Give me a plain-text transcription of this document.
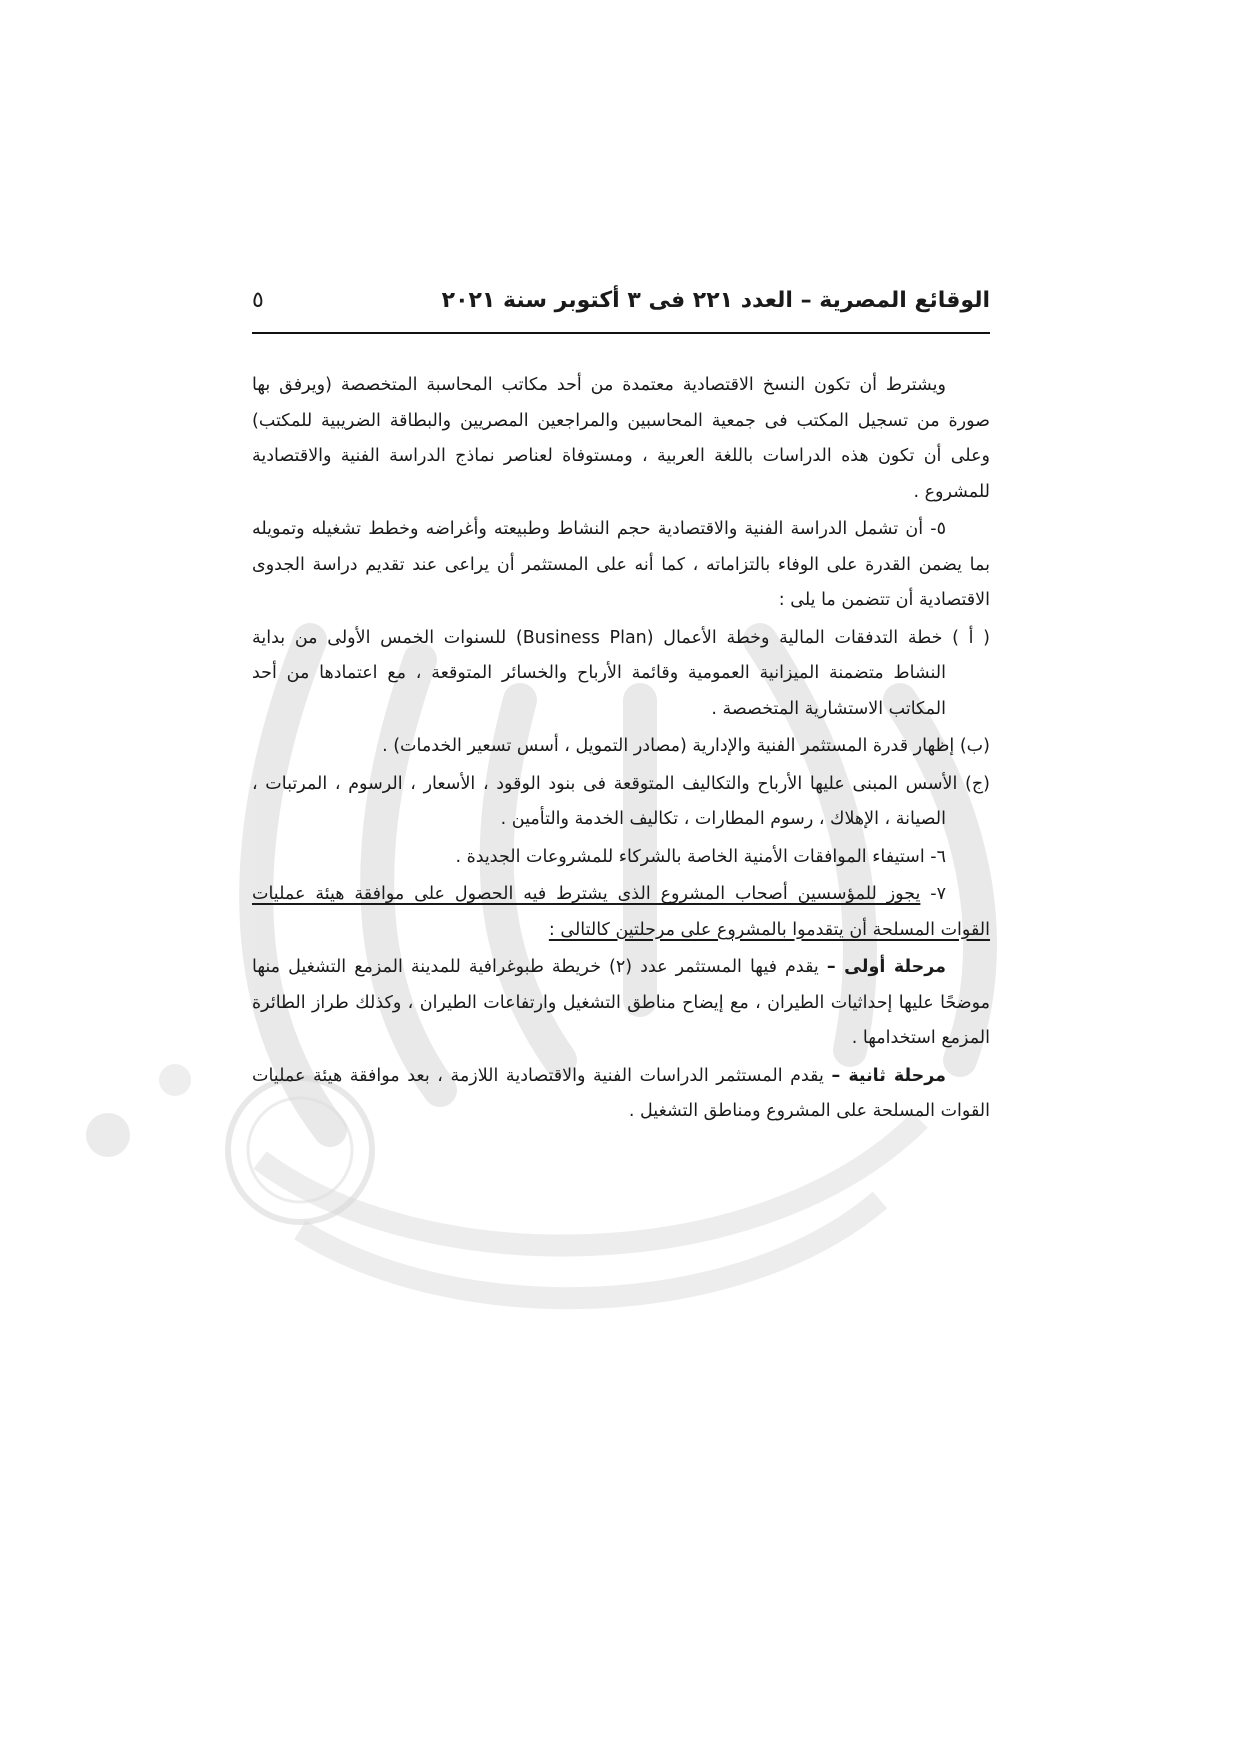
الوقائع المصرية – العدد ٢٢١ فى ٣ أكتوبر سنة ٢٠٢١
٥

ويشترط أن تكون النسخ الاقتصادية معتمدة من أحد مكاتب المحاسبة المتخصصة (ويرفق بها صورة من تسجيل المكتب فى جمعية المحاسبين والمراجعين المصريين والبطاقة الضريبية للمكتب) وعلى أن تكون هذه الدراسات باللغة العربية ، ومستوفاة لعناصر نماذج الدراسة الفنية والاقتصادية للمشروع .

٥- أن تشمل الدراسة الفنية والاقتصادية حجم النشاط وطبيعته وأغراضه وخطط تشغيله وتمويله بما يضمن القدرة على الوفاء بالتزاماته ، كما أنه على المستثمر أن يراعى عند تقديم دراسة الجدوى الاقتصادية أن تتضمن ما يلى :

( أ ) خطة التدفقات المالية وخطة الأعمال (Business Plan) للسنوات الخمس الأولى من بداية النشاط متضمنة الميزانية العمومية وقائمة الأرباح والخسائر المتوقعة ، مع اعتمادها من أحد المكاتب الاستشارية المتخصصة .

(ب) إظهار قدرة المستثمر الفنية والإدارية (مصادر التمويل ، أسس تسعير الخدمات) .

(ج) الأسس المبنى عليها الأرباح والتكاليف المتوقعة فى بنود الوقود ، الأسعار ، الرسوم ، المرتبات ، الصيانة ، الإهلاك ، رسوم المطارات ، تكاليف الخدمة والتأمين .

٦- استيفاء الموافقات الأمنية الخاصة بالشركاء للمشروعات الجديدة .

٧- يجوز للمؤسسين أصحاب المشروع الذى يشترط فيه الحصول على موافقة هيئة عمليات القوات المسلحة أن يتقدموا بالمشروع على مرحلتين كالتالى :

مرحلة أولى – يقدم فيها المستثمر عدد (٢) خريطة طبوغرافية للمدينة المزمع التشغيل منها موضحًا عليها إحداثيات الطيران ، مع إيضاح مناطق التشغيل وارتفاعات الطيران ، وكذلك طراز الطائرة المزمع استخدامها .

مرحلة ثانية – يقدم المستثمر الدراسات الفنية والاقتصادية اللازمة ، بعد موافقة هيئة عمليات القوات المسلحة على المشروع ومناطق التشغيل .
